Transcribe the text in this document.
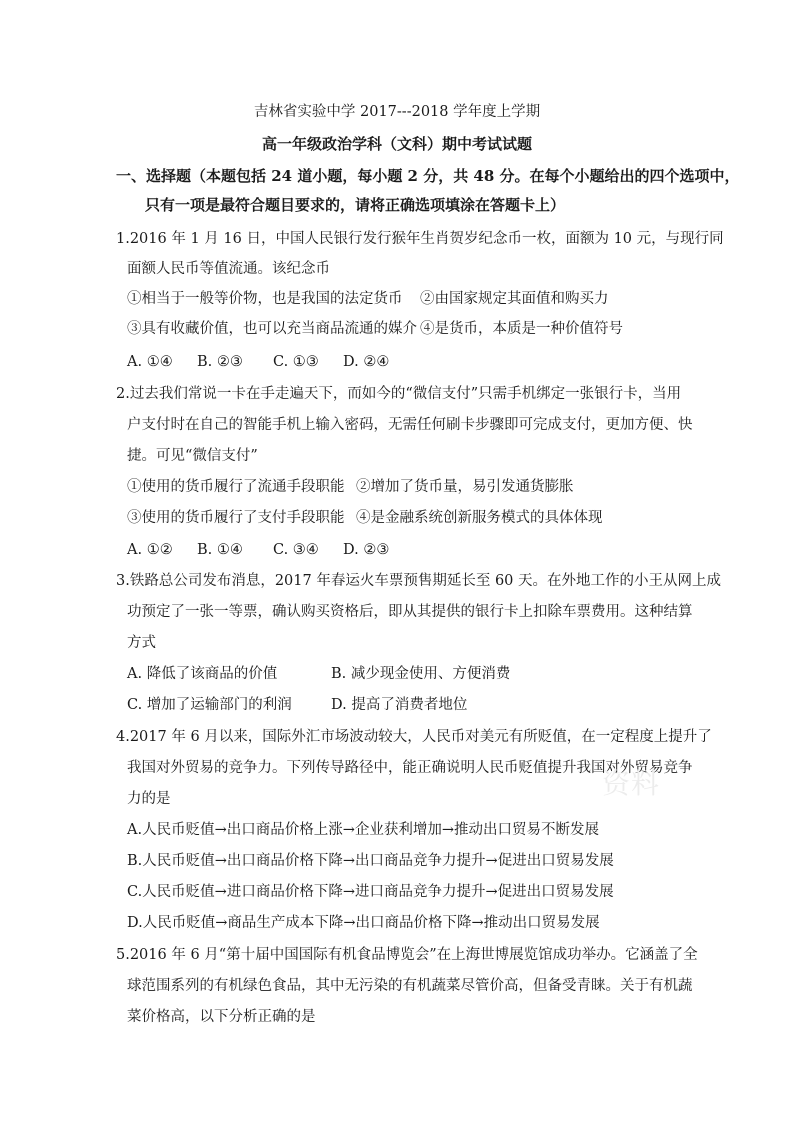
吉林省实验中学 2017---2018 学年度上学期
高一年级政治学科（文科）期中考试试题
一、选择题（本题包括 24 道小题，每小题 2 分，共 48 分。在每个小题给出的四个选项中，
只有一项是最符合题目要求的，请将正确选项填涂在答题卡上）
1.2016 年 1 月 16 日，中国人民银行发行猴年生肖贺岁纪念币一枚，面额为 10 元，与现行同
面额人民币等值流通。该纪念币
①相当于一般等价物，也是我国的法定货币 ②由国家规定其面值和购买力
③具有收藏价值，也可以充当商品流通的媒介 ④是货币，本质是一种价值符号
A. ①④ B. ②③ C. ①③ D. ②④
2.过去我们常说一卡在手走遍天下，而如今的“微信支付”只需手机绑定一张银行卡，当用
户支付时在自己的智能手机上输入密码，无需任何刷卡步骤即可完成支付，更加方便、快
捷。可见“微信支付”
①使用的货币履行了流通手段职能 ②增加了货币量，易引发通货膨胀
③使用的货币履行了支付手段职能 ④是金融系统创新服务模式的具体体现
A. ①② B. ①④ C. ③④ D. ②③
3.铁路总公司发布消息，2017 年春运火车票预售期延长至 60 天。在外地工作的小王从网上成
功预定了一张一等票，确认购买资格后，即从其提供的银行卡上扣除车票费用。这种结算
方式
A. 降低了该商品的价值	B. 减少现金使用、方便消费
C. 增加了运输部门的利润	D. 提高了消费者地位
4.2017 年 6 月以来，国际外汇市场波动较大，人民币对美元有所贬值，在一定程度上提升了
我国对外贸易的竞争力。下列传导路径中，能正确说明人民币贬值提升我国对外贸易竞争
力的是
A.人民币贬值→出口商品价格上涨→企业获利增加→推动出口贸易不断发展
B.人民币贬值→出口商品价格下降→出口商品竞争力提升→促进出口贸易发展
C.人民币贬值→进口商品价格下降→进口商品竞争力提升→促进出口贸易发展
D.人民币贬值→商品生产成本下降→出口商品价格下降→推动出口贸易发展
5.2016 年 6 月“第十届中国国际有机食品博览会”在上海世博展览馆成功举办。它涵盖了全
球范围系列的有机绿色食品，其中无污染的有机蔬菜尽管价高，但备受青睐。关于有机蔬
菜价格高，以下分析正确的是
资料
